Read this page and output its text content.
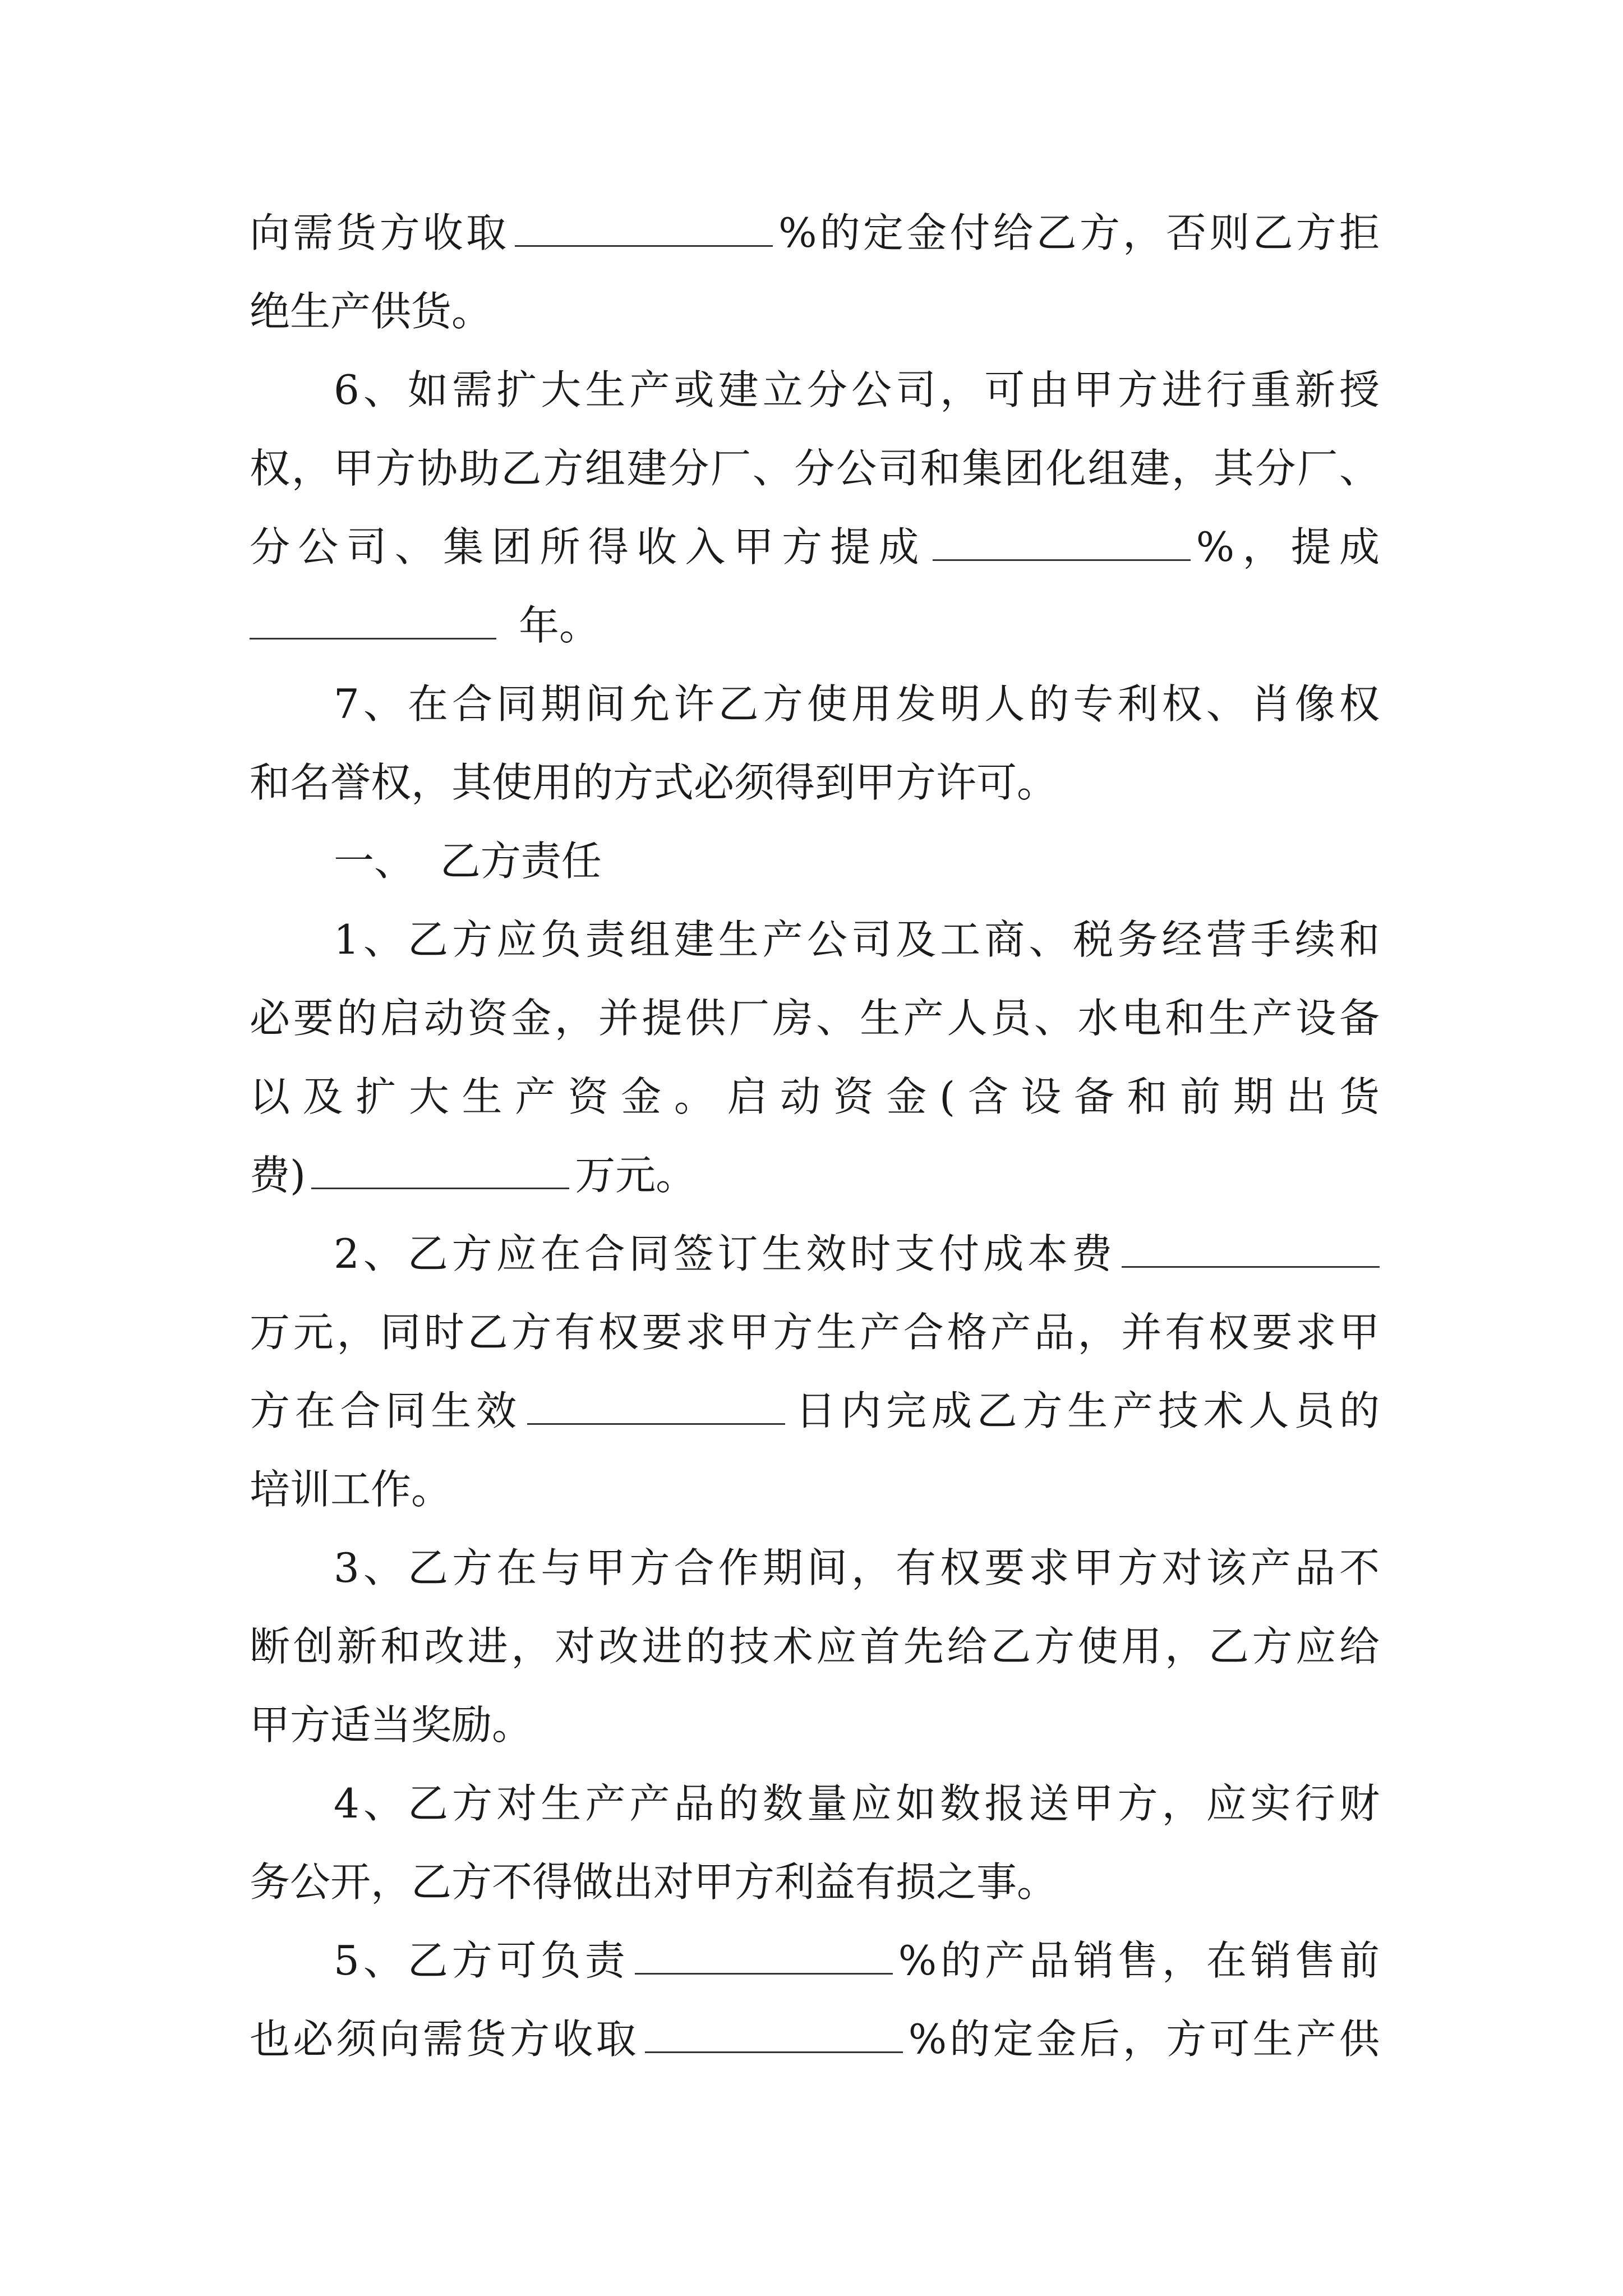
向需货方收取	%的定金付给乙方，否则乙方拒
绝生产供货。
6、如需扩大生产或建立分公司，可由甲方进行重新授
权，甲方协助乙方组建分厂、分公司和集团化组建，其分厂、
分公司、集团所得收入甲方提成	%，提成
年。
7、在合同期间允许乙方使用发明人的专利权、肖像权
和名誉权，其使用的方式必须得到甲方许可。
一、  乙方责任
1、乙方应负责组建生产公司及工商、税务经营手续和
必要的启动资金，并提供厂房、生产人员、水电和生产设备
以及扩大生产资金。启动资金(含设备和前期出货
费)	万元。
2、乙方应在合同签订生效时支付成本费
万元，同时乙方有权要求甲方生产合格产品，并有权要求甲
方在合同生效	日内完成乙方生产技术人员的
培训工作。
3、乙方在与甲方合作期间，有权要求甲方对该产品不
断创新和改进，对改进的技术应首先给乙方使用，乙方应给
甲方适当奖励。
4、乙方对生产产品的数量应如数报送甲方，应实行财
务公开，乙方不得做出对甲方利益有损之事。
5、乙方可负责	%的产品销售，在销售前
也必须向需货方收取	%的定金后，方可生产供
